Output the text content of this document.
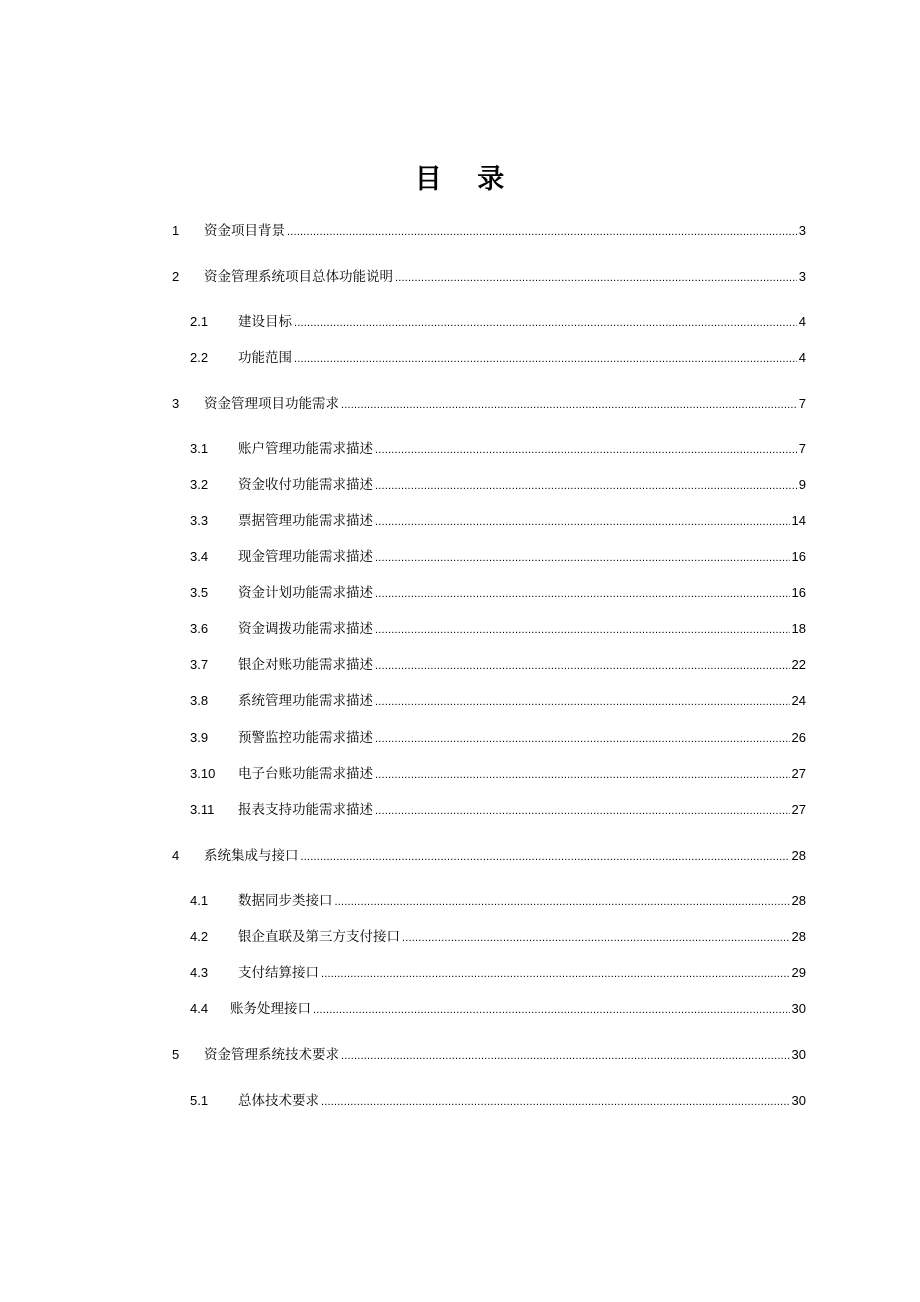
目 录
1	资金项目背景 .....	3
2	资金管理系统项目总体功能说明 .....	3
2.1	建设目标 .....	4
2.2	功能范围 .....	4
3	资金管理项目功能需求 .....	7
3.1	账户管理功能需求描述 .....	7
3.2	资金收付功能需求描述 .....	9
3.3	票据管理功能需求描述 .....	14
3.4	现金管理功能需求描述 .....	16
3.5	资金计划功能需求描述 .....	16
3.6	资金调拨功能需求描述 .....	18
3.7	银企对账功能需求描述 .....	22
3.8	系统管理功能需求描述 .....	24
3.9	预警监控功能需求描述 .....	26
3.10	电子台账功能需求描述 .....	27
3.11	报表支持功能需求描述 .....	27
4	系统集成与接口 .....	28
4.1	数据同步类接口 .....	28
4.2	银企直联及第三方支付接口 .....	28
4.3	支付结算接口 .....	29
4.4	账务处理接口 .....	30
5	资金管理系统技术要求 .....	30
5.1	总体技术要求 .....	30
